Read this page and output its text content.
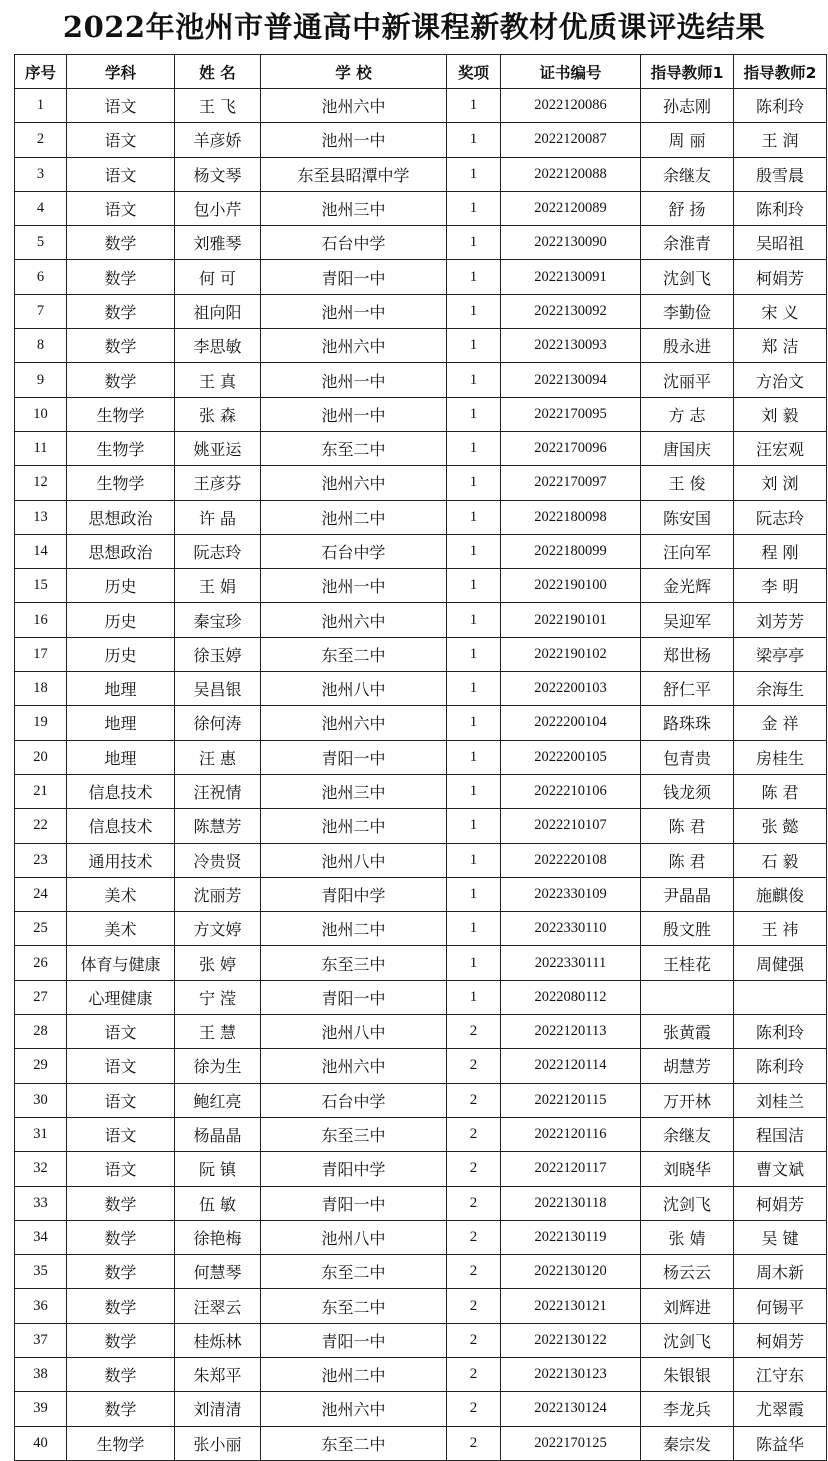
2022年池州市普通高中新课程新教材优质课评选结果
序号	学科	姓 名	学 校	奖项	证书编号	指导教师1	指导教师2
1	语文	王 飞	池州六中	1	2022120086	孙志刚	陈利玲
2	语文	羊彦娇	池州一中	1	2022120087	周 丽	王 润
3	语文	杨文琴	东至县昭潭中学	1	2022120088	余继友	殷雪晨
4	语文	包小芹	池州三中	1	2022120089	舒 扬	陈利玲
5	数学	刘雅琴	石台中学	1	2022130090	余淮青	吴昭祖
6	数学	何 可	青阳一中	1	2022130091	沈剑飞	柯娟芳
7	数学	祖向阳	池州一中	1	2022130092	李勤俭	宋 义
8	数学	李思敏	池州六中	1	2022130093	殷永进	郑 洁
9	数学	王 真	池州一中	1	2022130094	沈丽平	方治文
10	生物学	张 森	池州一中	1	2022170095	方 志	刘 毅
11	生物学	姚亚运	东至二中	1	2022170096	唐国庆	汪宏观
12	生物学	王彦芬	池州六中	1	2022170097	王 俊	刘 浏
13	思想政治	许 晶	池州二中	1	2022180098	陈安国	阮志玲
14	思想政治	阮志玲	石台中学	1	2022180099	汪向军	程 刚
15	历史	王 娟	池州一中	1	2022190100	金光辉	李 明
16	历史	秦宝珍	池州六中	1	2022190101	吴迎军	刘芳芳
17	历史	徐玉婷	东至二中	1	2022190102	郑世杨	梁亭亭
18	地理	吴昌银	池州八中	1	2022200103	舒仁平	余海生
19	地理	徐何涛	池州六中	1	2022200104	路珠珠	金 祥
20	地理	汪 惠	青阳一中	1	2022200105	包青贵	房桂生
21	信息技术	汪祝情	池州三中	1	2022210106	钱龙须	陈 君
22	信息技术	陈慧芳	池州二中	1	2022210107	陈 君	张 懿
23	通用技术	冷贵贤	池州八中	1	2022220108	陈 君	石 毅
24	美术	沈丽芳	青阳中学	1	2022330109	尹晶晶	施麒俊
25	美术	方文婷	池州二中	1	2022330110	殷文胜	王 祎
26	体育与健康	张 婷	东至三中	1	2022330111	王桂花	周健强
27	心理健康	宁 滢	青阳一中	1	2022080112		
28	语文	王 慧	池州八中	2	2022120113	张黄霞	陈利玲
29	语文	徐为生	池州六中	2	2022120114	胡慧芳	陈利玲
30	语文	鲍红亮	石台中学	2	2022120115	万开林	刘桂兰
31	语文	杨晶晶	东至三中	2	2022120116	余继友	程国洁
32	语文	阮 镇	青阳中学	2	2022120117	刘晓华	曹文斌
33	数学	伍 敏	青阳一中	2	2022130118	沈剑飞	柯娟芳
34	数学	徐艳梅	池州八中	2	2022130119	张 婧	吴 键
35	数学	何慧琴	东至二中	2	2022130120	杨云云	周木新
36	数学	汪翠云	东至二中	2	2022130121	刘辉进	何锡平
37	数学	桂烁林	青阳一中	2	2022130122	沈剑飞	柯娟芳
38	数学	朱郑平	池州二中	2	2022130123	朱银银	江守东
39	数学	刘清清	池州六中	2	2022130124	李龙兵	尤翠霞
40	生物学	张小丽	东至二中	2	2022170125	秦宗发	陈益华
